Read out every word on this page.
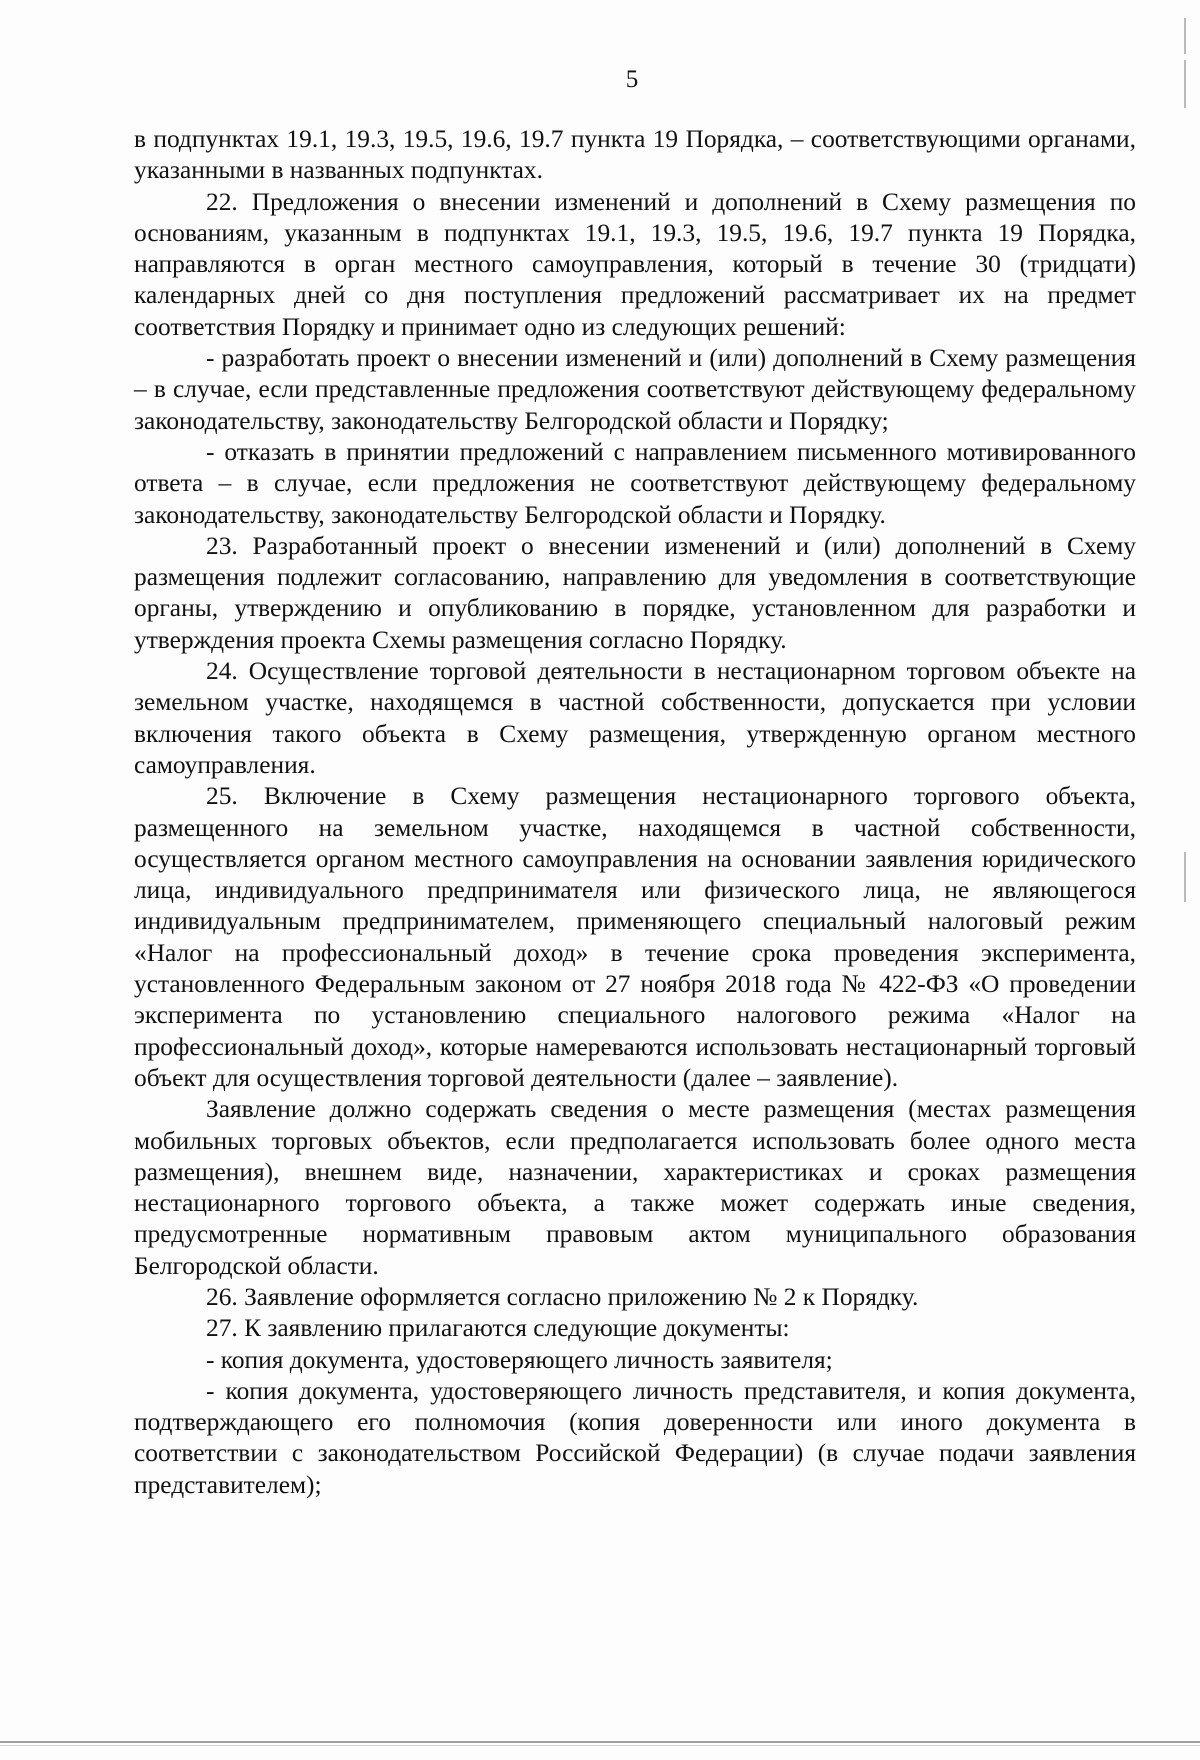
5

в подпунктах 19.1, 19.3, 19.5, 19.6, 19.7 пункта 19 Порядка, – соответствующими органами, указанными в названных подпунктах.

22. Предложения о внесении изменений и дополнений в Схему размещения по основаниям, указанным в подпунктах 19.1, 19.3, 19.5, 19.6, 19.7 пункта 19 Порядка, направляются в орган местного самоуправления, который в течение 30 (тридцати) календарных дней со дня поступления предложений рассматривает их на предмет соответствия Порядку и принимает одно из следующих решений:

- разработать проект о внесении изменений и (или) дополнений в Схему размещения – в случае, если представленные предложения соответствуют действующему федеральному законодательству, законодательству Белгородской области и Порядку;

- отказать в принятии предложений с направлением письменного мотивированного ответа – в случае, если предложения не соответствуют действующему федеральному законодательству, законодательству Белгородской области и Порядку.

23. Разработанный проект о внесении изменений и (или) дополнений в Схему размещения подлежит согласованию, направлению для уведомления в соответствующие органы, утверждению и опубликованию в порядке, установленном для разработки и утверждения проекта Схемы размещения согласно Порядку.

24. Осуществление торговой деятельности в нестационарном торговом объекте на земельном участке, находящемся в частной собственности, допускается при условии включения такого объекта в Схему размещения, утвержденную органом местного самоуправления.

25. Включение в Схему размещения нестационарного торгового объекта, размещенного на земельном участке, находящемся в частной собственности, осуществляется органом местного самоуправления на основании заявления юридического лица, индивидуального предпринимателя или физического лица, не являющегося индивидуальным предпринимателем, применяющего специальный налоговый режим «Налог на профессиональный доход» в течение срока проведения эксперимента, установленного Федеральным законом от 27 ноября 2018 года № 422-ФЗ «О проведении эксперимента по установлению специального налогового режима «Налог на профессиональный доход», которые намереваются использовать нестационарный торговый объект для осуществления торговой деятельности (далее – заявление).

Заявление должно содержать сведения о месте размещения (местах размещения мобильных торговых объектов, если предполагается использовать более одного места размещения), внешнем виде, назначении, характеристиках и сроках размещения нестационарного торгового объекта, а также может содержать иные сведения, предусмотренные нормативным правовым актом муниципального образования Белгородской области.

26. Заявление оформляется согласно приложению № 2 к Порядку.

27. К заявлению прилагаются следующие документы:

- копия документа, удостоверяющего личность заявителя;

- копия документа, удостоверяющего личность представителя, и копия документа, подтверждающего его полномочия (копия доверенности или иного документа в соответствии с законодательством Российской Федерации) (в случае подачи заявления представителем);
